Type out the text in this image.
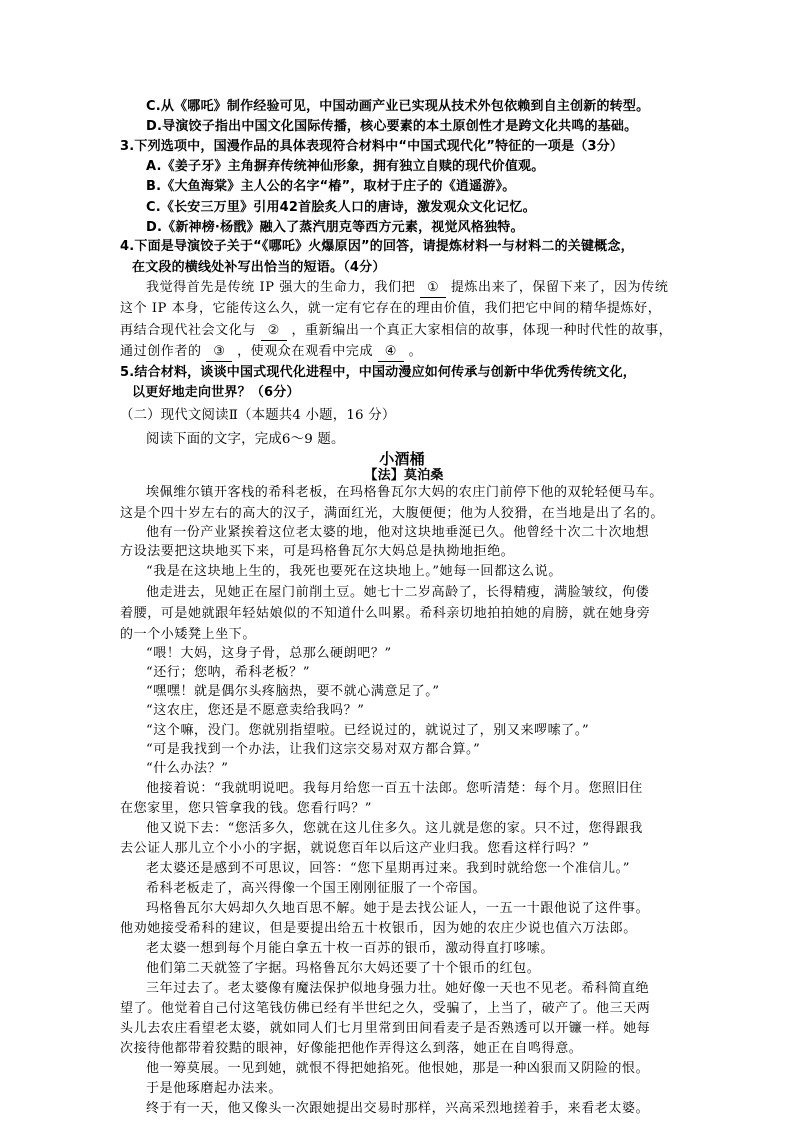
C.从《哪吒》制作经验可见，中国动画产业已实现从技术外包依赖到自主创新的转型。
D.导演饺子指出中国文化国际传播，核心要素的本土原创性才是跨文化共鸣的基础。
3.下列选项中，国漫作品的具体表现符合材料中“中国式现代化”特征的一项是（3分）
A.《姜子牙》主角摒弃传统神仙形象，拥有独立自赎的现代价值观。
B.《大鱼海棠》主人公的名字“椿”，取材于庄子的《逍遥游》。
C.《长安三万里》引用42首脍炙人口的唐诗，激发观众文化记忆。
D.《新神榜·杨戬》融入了蒸汽朋克等西方元素，视觉风格独特。
4.下面是导演饺子关于“《哪吒》火爆原因”的回答，请提炼材料一与材料二的关键概念，
在文段的横线处补写出恰当的短语。（4分）
我觉得首先是传统 IP 强大的生命力，我们把 ① 提炼出来了，保留下来了，因为传统
这个 IP 本身，它能传这么久，就一定有它存在的理由价值，我们把它中间的精华提炼好，
再结合现代社会文化与 ② ，重新编出一个真正大家相信的故事，体现一种时代性的故事，
通过创作者的 ③ ，使观众在观看中完成 ④ 。
5.结合材料，谈谈中国式现代化进程中，中国动漫应如何传承与创新中华优秀传统文化，
以更好地走向世界？（6分）
（二）现代文阅读Ⅱ（本题共4 小题，16 分）
阅读下面的文字，完成6～9 题。
小酒桶
【法】莫泊桑
埃佩维尔镇开客栈的希科老板，在玛格鲁瓦尔大妈的农庄门前停下他的双轮轻便马车。
这是个四十岁左右的高大的汉子，满面红光，大腹便便；他为人狡猾，在当地是出了名的。
他有一份产业紧挨着这位老太婆的地，他对这块地垂涎已久。他曾经十次二十次地想
方设法要把这块地买下来，可是玛格鲁瓦尔大妈总是执拗地拒绝。
“我是在这块地上生的，我死也要死在这块地上。”她每一回都这么说。
他走进去，见她正在屋门前削土豆。她七十二岁高龄了，长得精瘦，满脸皱纹，佝偻
着腰，可是她就跟年轻姑娘似的不知道什么叫累。希科亲切地拍拍她的肩膀，就在她身旁
的一个小矮凳上坐下。
“喂！大妈，这身子骨，总那么硬朗吧？”
“还行；您呐，希科老板？”
“嘿嘿！就是偶尔头疼脑热，要不就心满意足了。”
“这农庄，您还是不愿意卖给我吗？”
“这个嘛，没门。您就别指望啦。已经说过的，就说过了，别又来啰嗦了。”
“可是我找到一个办法，让我们这宗交易对双方都合算。”
“什么办法？”
他接着说：“我就明说吧。我每月给您一百五十法郎。您听清楚：每个月。您照旧住
在您家里，您只管拿我的钱。您看行吗？”
他又说下去：“您活多久，您就在这儿住多久。这儿就是您的家。只不过，您得跟我
去公证人那儿立个小小的字据，就说您百年以后这产业归我。您看这样行吗？”
老太婆还是感到不可思议，回答：“您下星期再过来。我到时就给您一个准信儿。”
希科老板走了，高兴得像一个国王刚刚征服了一个帝国。
玛格鲁瓦尔大妈却久久地百思不解。她于是去找公证人，一五一十跟他说了这件事。
他劝她接受希科的建议，但是要提出给五十枚银币，因为她的农庄少说也值六万法郎。
老太婆一想到每个月能白拿五十枚一百苏的银币，激动得直打哆嗦。
他们第二天就签了字据。玛格鲁瓦尔大妈还要了十个银币的红包。
三年过去了。老太婆像有魔法保护似地身强力壮。她好像一天也不见老。希科简直绝
望了。他觉着自己付这笔钱仿佛已经有半世纪之久，受骗了，上当了，破产了。他三天两
头儿去农庄看望老太婆，就如同人们七月里常到田间看麦子是否熟透可以开镰一样。她每
次接待他都带着狡黠的眼神，好像能把他作弄得这么到落，她正在自鸣得意。
他一筹莫展。一见到她，就恨不得把她掐死。他恨她，那是一种凶狠而又阴险的恨。
于是他琢磨起办法来。
终于有一天，他又像头一次跟她提出交易时那样，兴高采烈地搓着手，来看老太婆。
